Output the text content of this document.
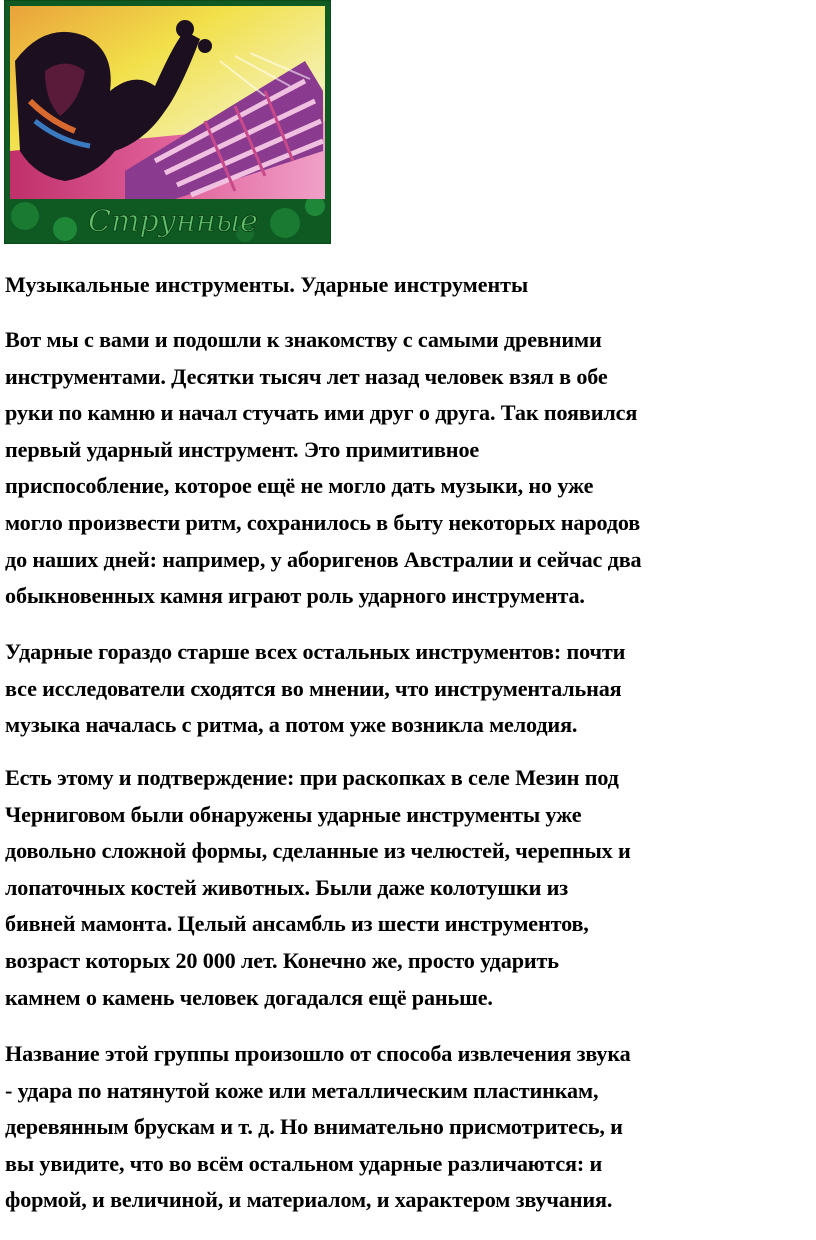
Струнные
Музыкальные инструменты. Ударные инструменты

Вот мы с вами и подошли к знакомству с самыми древними
инструментами. Десятки тысяч лет назад человек взял в обе
руки по камню и начал стучать ими друг о друга. Так появился
первый ударный инструмент. Это примитивное
приспособление, которое ещё не могло дать музыки, но уже
могло произвести ритм, сохранилось в быту некоторых народов
до наших дней: например, у аборигенов Австралии и сейчас два
обыкновенных камня играют роль ударного инструмента.

Ударные гораздо старше всех остальных инструментов: почти
все исследователи сходятся во мнении, что инструментальная
музыка началась с ритма, а потом уже возникла мелодия.

Есть этому и подтверждение: при раскопках в селе Мезин под
Черниговом были обнаружены ударные инструменты уже
довольно сложной формы, сделанные из челюстей, черепных и
лопаточных костей животных. Были даже колотушки из
бивней мамонта. Целый ансамбль из шести инструментов,
возраст которых 20 000 лет. Конечно же, просто ударить
камнем о камень человек догадался ещё раньше.

Название этой группы произошло от способа извлечения звука
- удара по натянутой коже или металлическим пластинкам,
деревянным брускам и т. д. Но внимательно присмотритесь, и
вы увидите, что во всём остальном ударные различаются: и
формой, и величиной, и материалом, и характером звучания.
